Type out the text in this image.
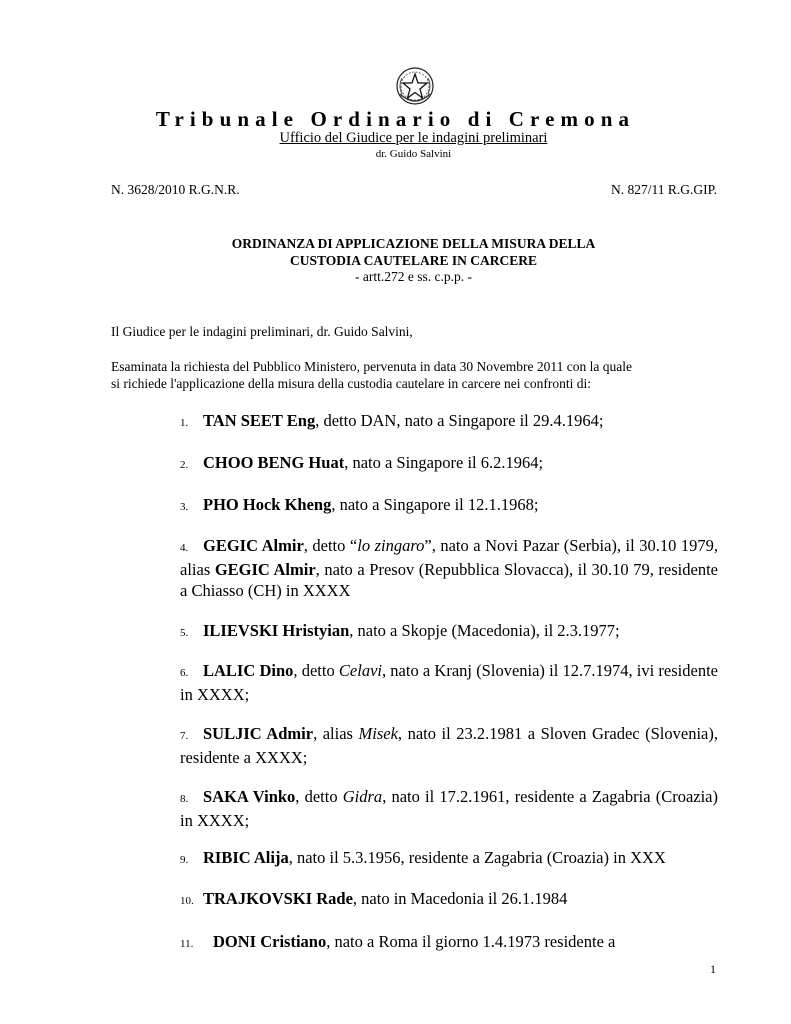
Tribunale Ordinario di Cremona
Ufficio del Giudice per le indagini preliminari
dr. Guido Salvini
N. 3628/2010 R.G.N.R.	N. 827/11 R.G.GIP.
ORDINANZA DI APPLICAZIONE DELLA MISURA DELLA
CUSTODIA CAUTELARE IN CARCERE
- artt.272 e ss. c.p.p. -
Il Giudice per le indagini preliminari, dr. Guido Salvini,
Esaminata la richiesta del Pubblico Ministero, pervenuta in data 30 Novembre 2011 con la quale
si richiede l'applicazione della misura della custodia cautelare in carcere nei confronti di:
1. TAN SEET Eng, detto DAN, nato a Singapore il 29.4.1964;
2. CHOO BENG Huat, nato a Singapore il 6.2.1964;
3. PHO Hock Kheng, nato a Singapore il 12.1.1968;
4. GEGIC Almir, detto “lo zingaro”, nato a Novi Pazar (Serbia), il 30.10 1979, alias GEGIC Almir, nato a Presov (Repubblica Slovacca), il 30.10 79, residente a Chiasso (CH) in XXXX
5. ILIEVSKI Hristyian, nato a Skopje (Macedonia), il 2.3.1977;
6. LALIC Dino, detto Celavi, nato a Kranj (Slovenia) il 12.7.1974, ivi residente in XXXX;
7. SULJIC Admir, alias Misek, nato il 23.2.1981 a Sloven Gradec (Slovenia), residente a XXXX;
8. SAKA Vinko, detto Gidra, nato il 17.2.1961, residente a Zagabria (Croazia) in XXXX;
9. RIBIC Alija, nato il 5.3.1956, residente a Zagabria (Croazia) in XXX
10. TRAJKOVSKI Rade, nato in Macedonia il 26.1.1984
11. DONI Cristiano, nato a Roma il giorno 1.4.1973 residente a
1
